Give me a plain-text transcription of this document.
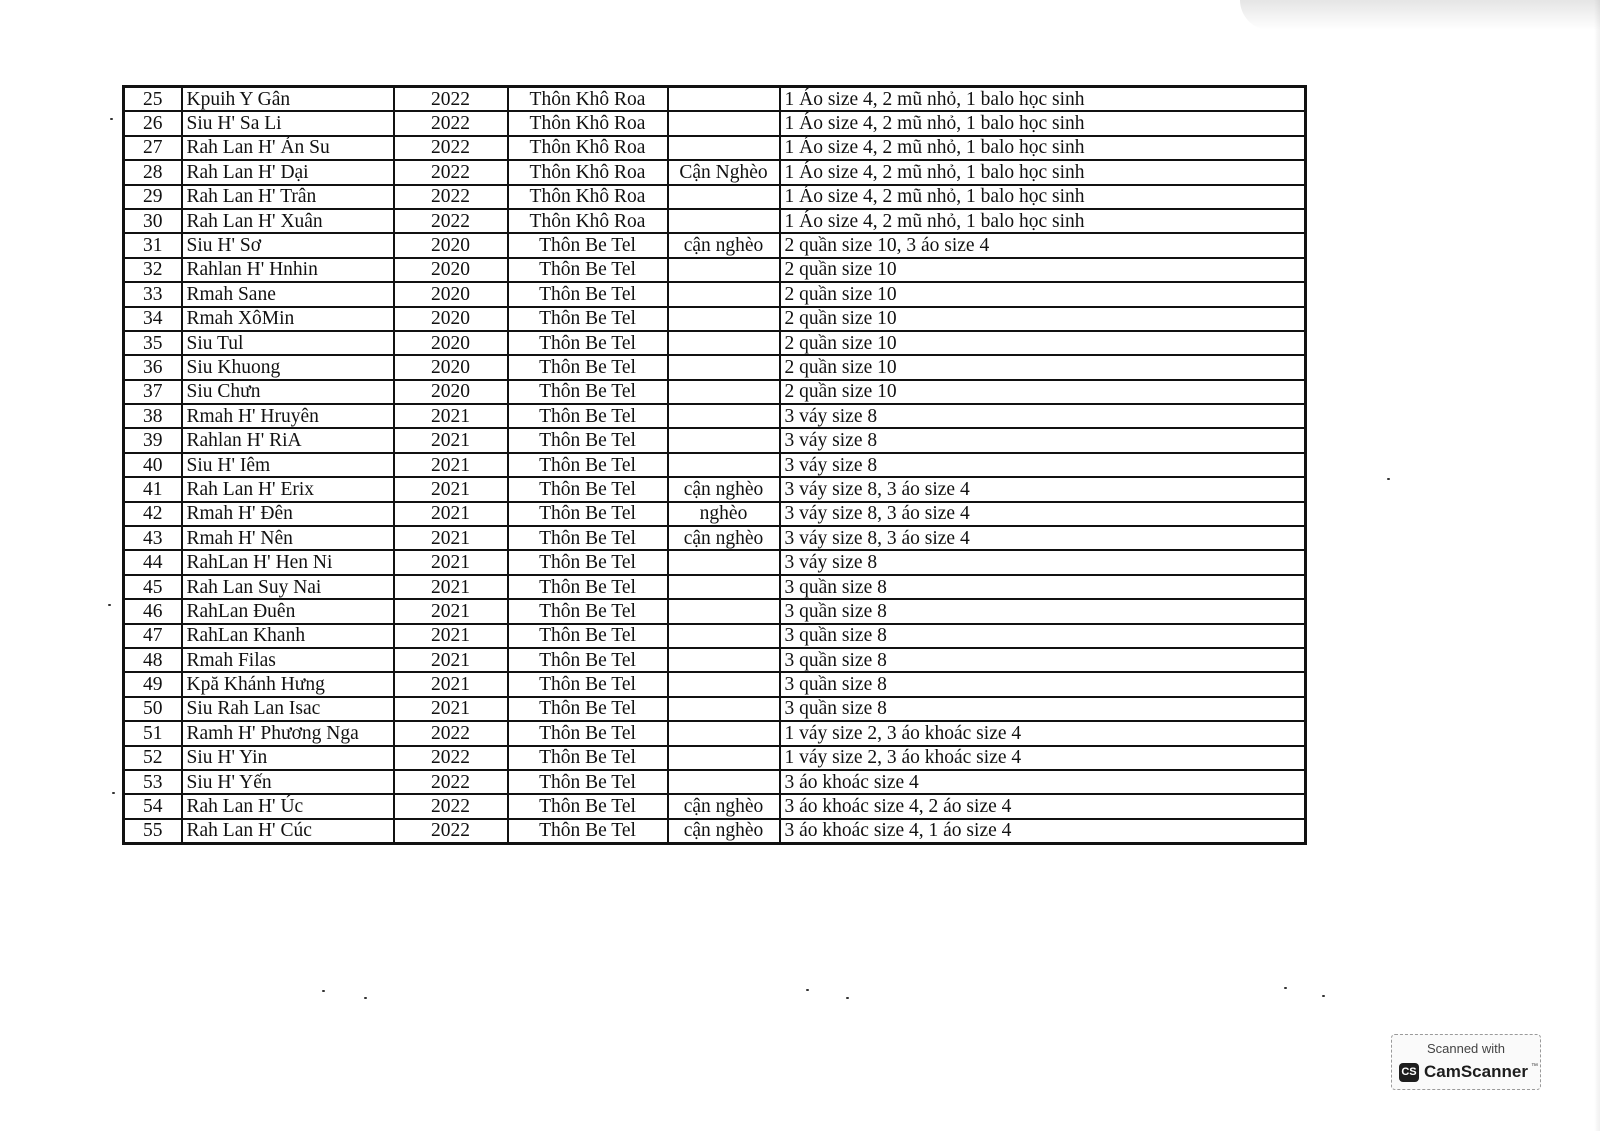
25	Kpuih Y Gân	2022	Thôn Khô Roa		1 Áo size 4, 2 mũ nhỏ, 1 balo học sinh
26	Siu H' Sa Li	2022	Thôn Khô Roa		1 Áo size 4, 2 mũ nhỏ, 1 balo học sinh
27	Rah Lan H' Ản Su	2022	Thôn Khô Roa		1 Áo size 4, 2 mũ nhỏ, 1 balo học sinh
28	Rah Lan H' Dại	2022	Thôn Khô Roa	Cận Nghèo	1 Áo size 4, 2 mũ nhỏ, 1 balo học sinh
29	Rah Lan H' Trân	2022	Thôn Khô Roa		1 Áo size 4, 2 mũ nhỏ, 1 balo học sinh
30	Rah Lan H' Xuân	2022	Thôn Khô Roa		1 Áo size 4, 2 mũ nhỏ, 1 balo học sinh
31	Siu H' Sơ	2020	Thôn Be Tel	cận nghèo	2 quần size 10, 3 áo size 4
32	Rahlan H' Hnhin	2020	Thôn Be Tel		2 quần size 10
33	Rmah Sane	2020	Thôn Be Tel		2 quần size 10
34	Rmah XôMin	2020	Thôn Be Tel		2 quần size 10
35	Siu Tul	2020	Thôn Be Tel		2 quần size 10
36	Siu Khuong	2020	Thôn Be Tel		2 quần size 10
37	Siu Chưn	2020	Thôn Be Tel		2 quần size 10
38	Rmah H' Hruyên	2021	Thôn Be Tel		3 váy size 8
39	Rahlan H' RiA	2021	Thôn Be Tel		3 váy size 8
40	Siu H' Iêm	2021	Thôn Be Tel		3 váy size 8
41	Rah Lan H' Erix	2021	Thôn Be Tel	cận nghèo	3 váy size 8, 3 áo size 4
42	Rmah H' Đên	2021	Thôn Be Tel	nghèo	3 váy size 8, 3 áo size 4
43	Rmah H' Nên	2021	Thôn Be Tel	cận nghèo	3 váy size 8, 3 áo size 4
44	RahLan H' Hen Ni	2021	Thôn Be Tel		3 váy size 8
45	Rah Lan Suy Nai	2021	Thôn Be Tel		3 quần size 8
46	RahLan Đuên	2021	Thôn Be Tel		3 quần size 8
47	RahLan Khanh	2021	Thôn Be Tel		3 quần size 8
48	Rmah Filas	2021	Thôn Be Tel		3 quần size 8
49	Kpă Khánh Hưng	2021	Thôn Be Tel		3 quần size 8
50	Siu Rah Lan Isac	2021	Thôn Be Tel		3 quần size 8
51	Ramh H' Phương Nga	2022	Thôn Be Tel		1 váy size 2, 3 áo khoác size 4
52	Siu H' Yin	2022	Thôn Be Tel		1 váy size 2, 3 áo khoác size 4
53	Siu H' Yến	2022	Thôn Be Tel		3 áo khoác size 4
54	Rah Lan H' Úc	2022	Thôn Be Tel	cận nghèo	3 áo khoác size 4, 2 áo size 4
55	Rah Lan H' Cúc	2022	Thôn Be Tel	cận nghèo	3 áo khoác size 4, 1 áo size 4
Scanned with
CS CamScanner ™
